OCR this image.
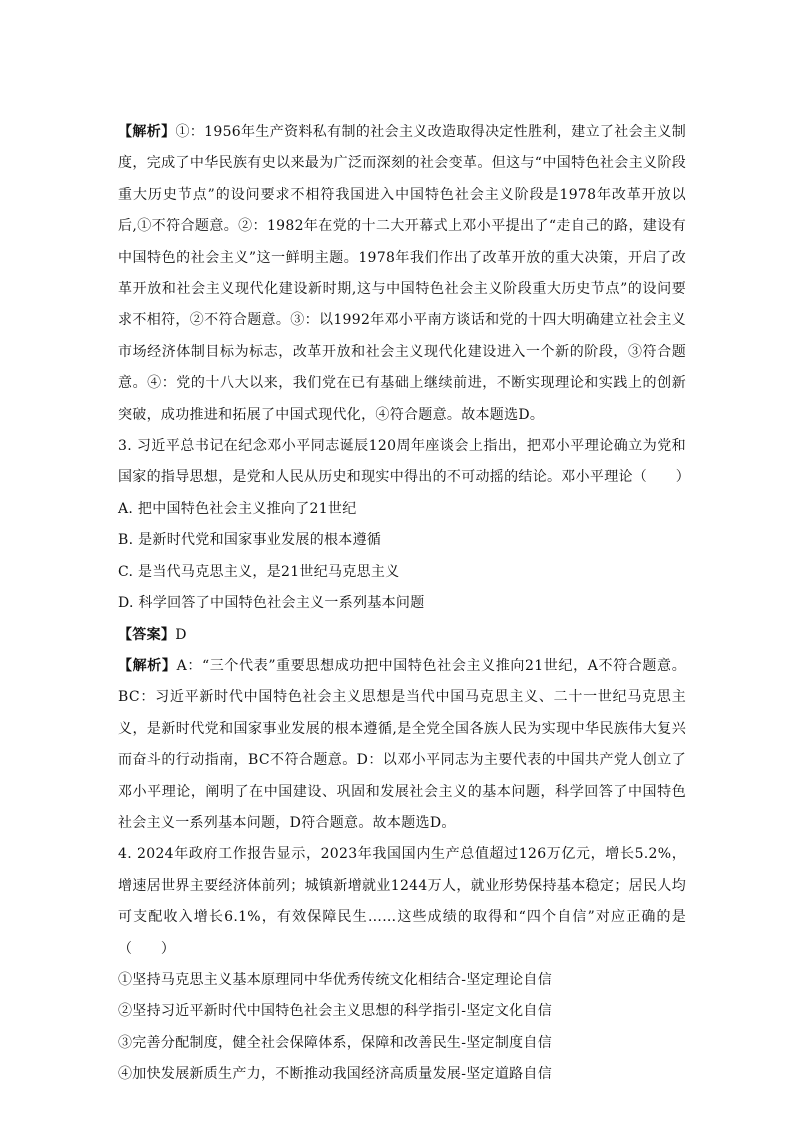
【解析】①：1956年生产资料私有制的社会主义改造取得决定性胜利，建立了社会主义制度，完成了中华民族有史以来最为广泛而深刻的社会变革。但这与“中国特色社会主义阶段重大历史节点”的设问要求不相符我国进入中国特色社会主义阶段是1978年改革开放以后,①不符合题意。②：1982年在党的十二大开幕式上邓小平提出了“走自己的路，建设有中国特色的社会主义”这一鲜明主题。1978年我们作出了改革开放的重大决策，开启了改革开放和社会主义现代化建设新时期,这与中国特色社会主义阶段重大历史节点”的设问要求不相符，②不符合题意。③：以1992年邓小平南方谈话和党的十四大明确建立社会主义市场经济体制目标为标志，改革开放和社会主义现代化建设进入一个新的阶段，③符合题意。④：党的十八大以来，我们党在已有基础上继续前进，不断实现理论和实践上的创新突破，成功推进和拓展了中国式现代化，④符合题意。故本题选D。

3. 习近平总书记在纪念邓小平同志诞辰120周年座谈会上指出，把邓小平理论确立为党和国家的指导思想，是党和人民从历史和现实中得出的不可动摇的结论。邓小平理论（　　）

A. 把中国特色社会主义推向了21世纪

B. 是新时代党和国家事业发展的根本遵循

C. 是当代马克思主义，是21世纪马克思主义

D. 科学回答了中国特色社会主义一系列基本问题

【答案】D

【解析】A：“三个代表”重要思想成功把中国特色社会主义推向21世纪，A不符合题意。BC：习近平新时代中国特色社会主义思想是当代中国马克思主义、二十一世纪马克思主义，是新时代党和国家事业发展的根本遵循,是全党全国各族人民为实现中华民族伟大复兴而奋斗的行动指南，BC不符合题意。D：以邓小平同志为主要代表的中国共产党人创立了邓小平理论，阐明了在中国建设、巩固和发展社会主义的基本问题，科学回答了中国特色社会主义一系列基本问题，D符合题意。故本题选D。

4. 2024年政府工作报告显示，2023年我国国内生产总值超过126万亿元，增长5.2%，增速居世界主要经济体前列；城镇新增就业1244万人，就业形势保持基本稳定；居民人均可支配收入增长6.1%，有效保障民生……这些成绩的取得和“四个自信”对应正确的是（　　）

①坚持马克思主义基本原理同中华优秀传统文化相结合-坚定理论自信

②坚持习近平新时代中国特色社会主义思想的科学指引-坚定文化自信

③完善分配制度，健全社会保障体系，保障和改善民生-坚定制度自信

④加快发展新质生产力，不断推动我国经济高质量发展-坚定道路自信
